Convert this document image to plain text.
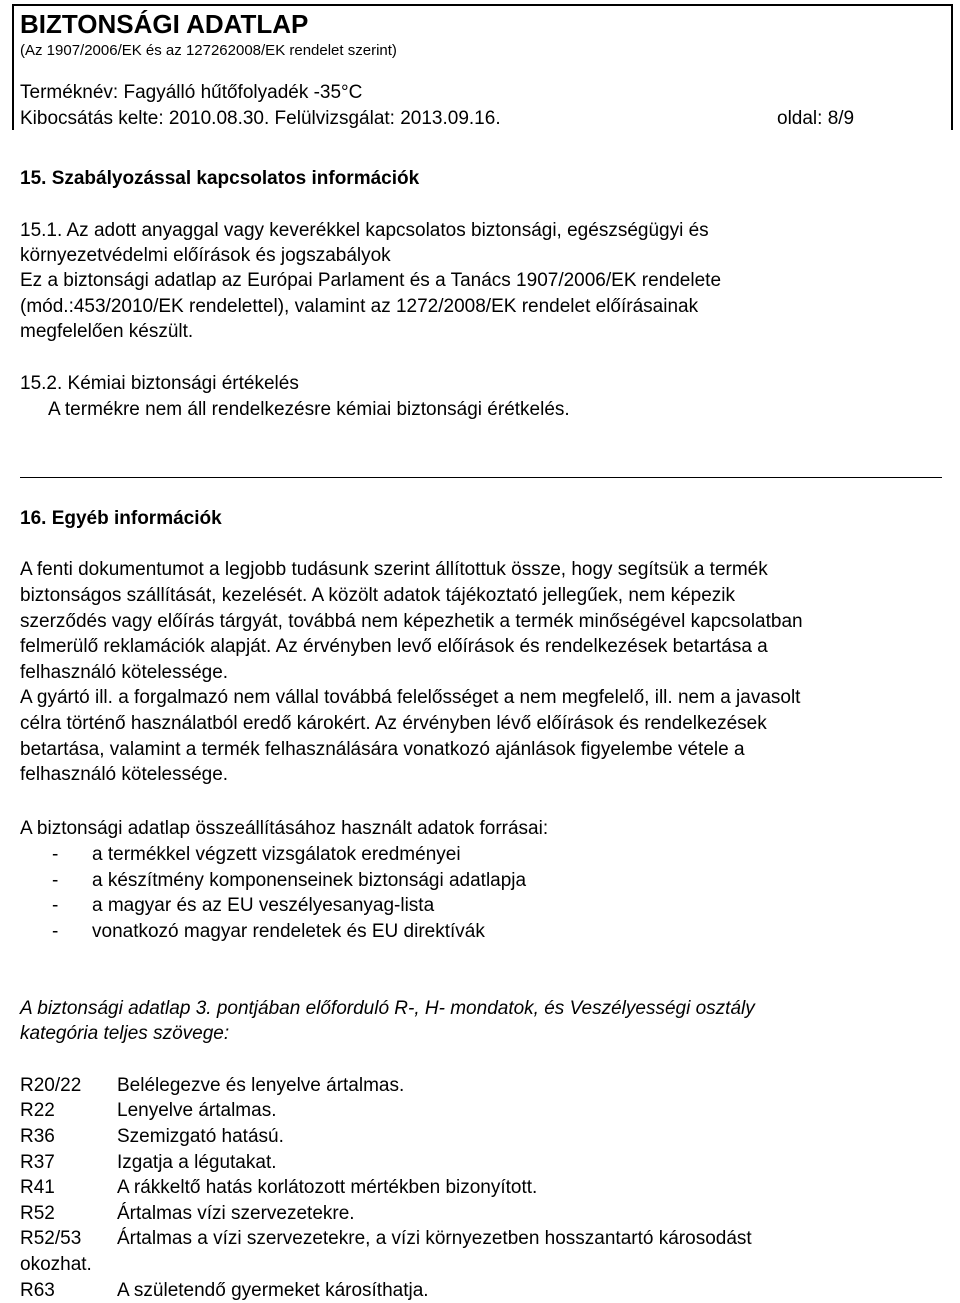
BIZTONSÁGI ADATLAP
(Az 1907/2006/EK és az 127262008/EK rendelet szerint)
Terméknév: Fagyálló hűtőfolyadék -35°C
Kibocsátás kelte: 2010.08.30. Felülvizsgálat: 2013.09.16.	oldal: 8/9
15. Szabályozással kapcsolatos információk
15.1. Az adott anyaggal vagy keverékkel kapcsolatos biztonsági, egészségügyi és
környezetvédelmi előírások és jogszabályok
Ez a biztonsági adatlap az Európai Parlament és a Tanács 1907/2006/EK rendelete
(mód.:453/2010/EK rendelettel), valamint az 1272/2008/EK rendelet előírásainak
megfelelően készült.
15.2. Kémiai biztonsági értékelés
A termékre nem áll rendelkezésre kémiai biztonsági érétkelés.
16. Egyéb információk
A fenti dokumentumot a legjobb tudásunk szerint állítottuk össze, hogy segítsük a termék
biztonságos szállítását, kezelését. A közölt adatok tájékoztató jellegűek, nem képezik
szerződés vagy előírás tárgyát, továbbá nem képezhetik a termék minőségével kapcsolatban
felmerülő reklamációk alapját. Az érvényben levő előírások és rendelkezések betartása a
felhasználó kötelessége.
A gyártó ill. a forgalmazó nem vállal továbbá felelősséget a nem megfelelő, ill. nem a javasolt
célra történő használatból eredő károkért. Az érvényben lévő előírások és rendelkezések
betartása, valamint a termék felhasználására vonatkozó ajánlások figyelembe vétele a
felhasználó kötelessége.
A biztonsági adatlap összeállításához használt adatok forrásai:
- a termékkel végzett vizsgálatok eredményei
- a készítmény komponenseinek biztonsági adatlapja
- a magyar és az EU veszélyesanyag-lista
- vonatkozó magyar rendeletek és EU direktívák
A biztonsági adatlap 3. pontjában előforduló R-, H- mondatok, és Veszélyességi osztály
kategória teljes szövege:
R20/22 Belélegezve és lenyelve ártalmas.
R22	Lenyelve ártalmas.
R36	Szemizgató hatású.
R37	Izgatja a légutakat.
R41	A rákkeltő hatás korlátozott mértékben bizonyított.
R52	Ártalmas vízi szervezetekre.
R52/53 Ártalmas a vízi szervezetekre, a vízi környezetben hosszantartó károsodást
okozhat.
R63	A születendő gyermeket károsíthatja.
